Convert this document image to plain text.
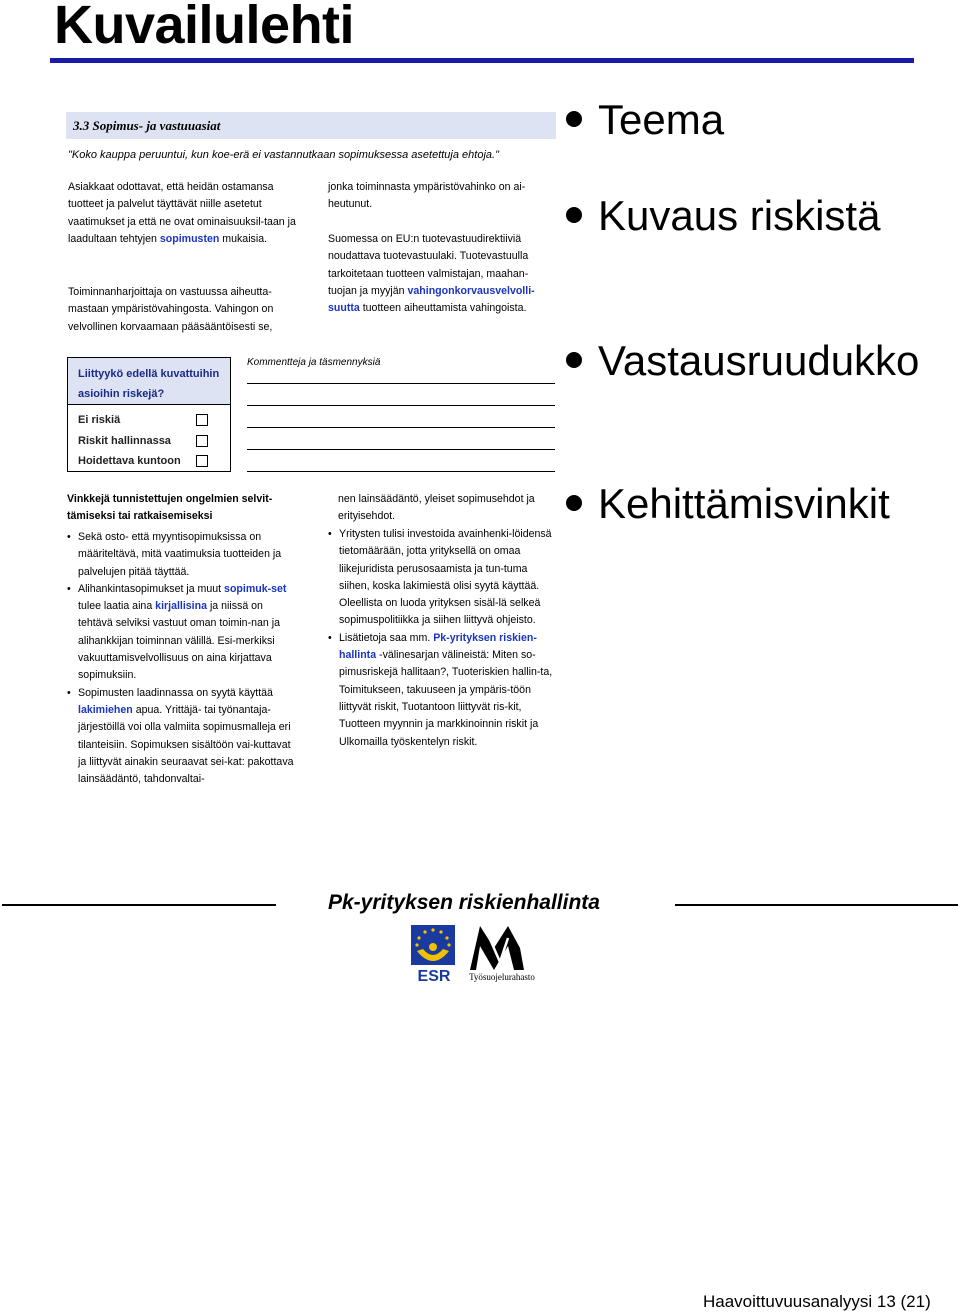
Kuvailulehti
3.3 Sopimus- ja vastuuasiat
"Koko kauppa peruuntui, kun koe-erä ei vastannutkaan sopimuksessa asetettuja ehtoja."
Asiakkaat odottavat, että heidän ostamansa tuotteet ja palvelut täyttävät niille asetetut vaatimukset ja että ne ovat ominaisuuksil-taan ja laadultaan tehtyjen sopimusten mukaisia.
Toiminnanharjoittaja on vastuussa aiheutta-mastaan ympäristövahingosta. Vahingon on velvollinen korvaamaan pääsääntöisesti se,
jonka toiminnasta ympäristövahinko on ai-heutunut.
Suomessa on EU:n tuotevastuudirektiiviä noudattava tuotevastuulaki. Tuotevastuulla tarkoitetaan tuotteen valmistajan, maahan-tuojan ja myyjän vahingonkorvausvelvolli-suutta tuotteen aiheuttamista vahingoista.
Liittyykö edellä kuvattuihin asioihin riskejä?
Ei riskiä
Riskit hallinnassa
Hoidettava kuntoon
Kommentteja ja täsmennyksiä
Vinkkejä tunnistettujen ongelmien selvit-tämiseksi tai ratkaisemiseksi
• Sekä osto- että myyntisopimuksissa on määriteltävä, mitä vaatimuksia tuotteiden ja palvelujen pitää täyttää.
• Alihankintasopimukset ja muut sopimuk-set tulee laatia aina kirjallisina ja niissä on tehtävä selviksi vastuut oman toimin-nan ja alihankkijan toiminnan välillä. Esi-merkiksi vakuuttamisvelvollisuus on aina kirjattava sopimuksiin.
• Sopimusten laadinnassa on syytä käyttää lakimiehen apua. Yrittäjä- tai työnantaja-järjestöillä voi olla valmiita sopimusmalleja eri tilanteisiin. Sopimuksen sisältöön vai-kuttavat ja liittyvät ainakin seuraavat sei-kat: pakottava lainsäädäntö, tahdonvaltai-
nen lainsäädäntö, yleiset sopimusehdot ja erityisehdot.
• Yritysten tulisi investoida avainhenki-löidensä tietomäärään, jotta yrityksellä on omaa liikejuridista perusosaamista ja tun-tuma siihen, koska lakimiestä olisi syytä käyttää. Oleellista on luoda yrityksen sisäl-lä selkeä sopimuspolitiikka ja siihen liittyvä ohjeisto.
• Lisätietoja saa mm. Pk-yrityksen riskien-hallinta -välinesarjan välineistä: Miten so-pimusriskejä hallitaan?, Tuoteriskien hallin-ta, Toimitukseen, takuuseen ja ympäris-töön liittyvät riskit, Tuotantoon liittyvät ris-kit, Tuotteen myynnin ja markkinoinnin riskit ja Ulkomailla työskentelyn riskit.
Teema
Kuvaus riskistä
Vastausruudukko
Kehittämisvinkit
Pk-yrityksen riskienhallinta
ESR Työsuojelurahasto
Haavoittuvuusanalyysi 13 (21)
